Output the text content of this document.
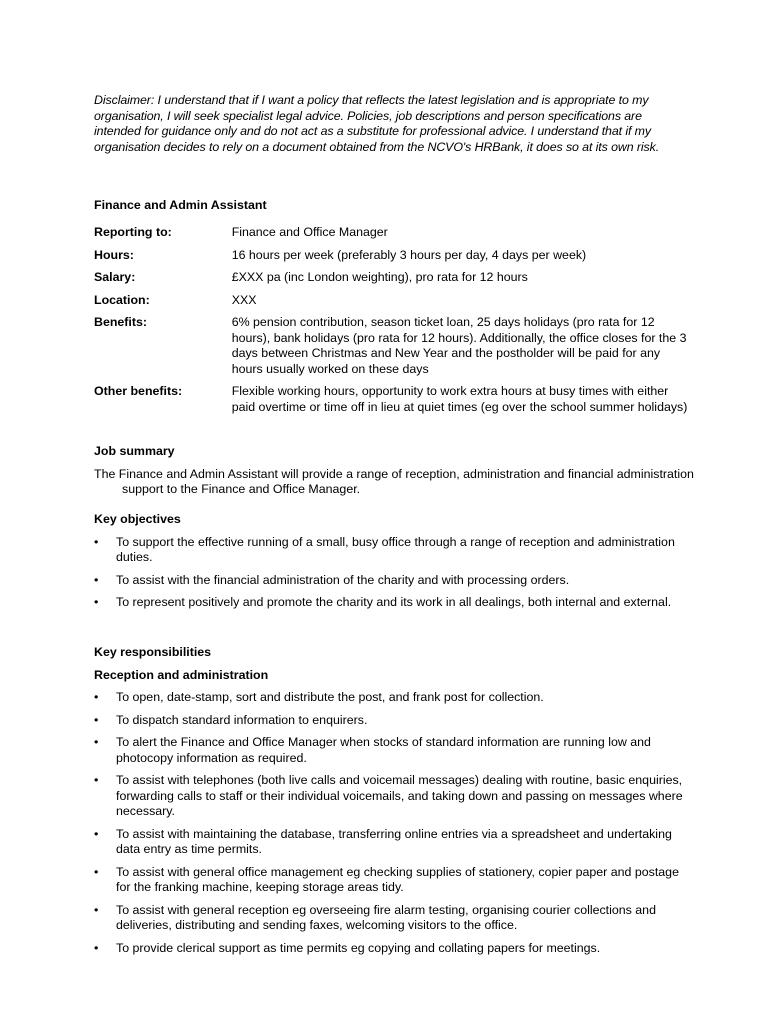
Disclaimer: I understand that if I want a policy that reflects the latest legislation and is appropriate to my organisation, I will seek specialist legal advice. Policies, job descriptions and person specifications are intended for guidance only and do not act as a substitute for professional advice. I understand that if my organisation decides to rely on a document obtained from the NCVO's HRBank, it does so at its own risk.

Finance and Admin Assistant
Reporting to:	Finance and Office Manager
Hours:	16 hours per week (preferably 3 hours per day, 4 days per week)
Salary:	£XXX pa (inc London weighting), pro rata for 12 hours
Location:	XXX
Benefits:	6% pension contribution, season ticket loan, 25 days holidays (pro rata for 12 hours), bank holidays (pro rata for 12 hours). Additionally, the office closes for the 3 days between Christmas and New Year and the postholder will be paid for any hours usually worked on these days
Other benefits:	Flexible working hours, opportunity to work extra hours at busy times with either paid overtime or time off in lieu at quiet times (eg over the school summer holidays)
Job summary
The Finance and Admin Assistant will provide a range of reception, administration and financial administration support to the Finance and Office Manager.
Key objectives
• To support the effective running of a small, busy office through a range of reception and administration duties.
• To assist with the financial administration of the charity and with processing orders.
• To represent positively and promote the charity and its work in all dealings, both internal and external.
Key responsibilities
Reception and administration
• To open, date-stamp, sort and distribute the post, and frank post for collection.
• To dispatch standard information to enquirers.
• To alert the Finance and Office Manager when stocks of standard information are running low and photocopy information as required.
• To assist with telephones (both live calls and voicemail messages) dealing with routine, basic enquiries, forwarding calls to staff or their individual voicemails, and taking down and passing on messages where necessary.
• To assist with maintaining the database, transferring online entries via a spreadsheet and undertaking data entry as time permits.
• To assist with general office management eg checking supplies of stationery, copier paper and postage for the franking machine, keeping storage areas tidy.
• To assist with general reception eg overseeing fire alarm testing, organising courier collections and deliveries, distributing and sending faxes, welcoming visitors to the office.
• To provide clerical support as time permits eg copying and collating papers for meetings.
